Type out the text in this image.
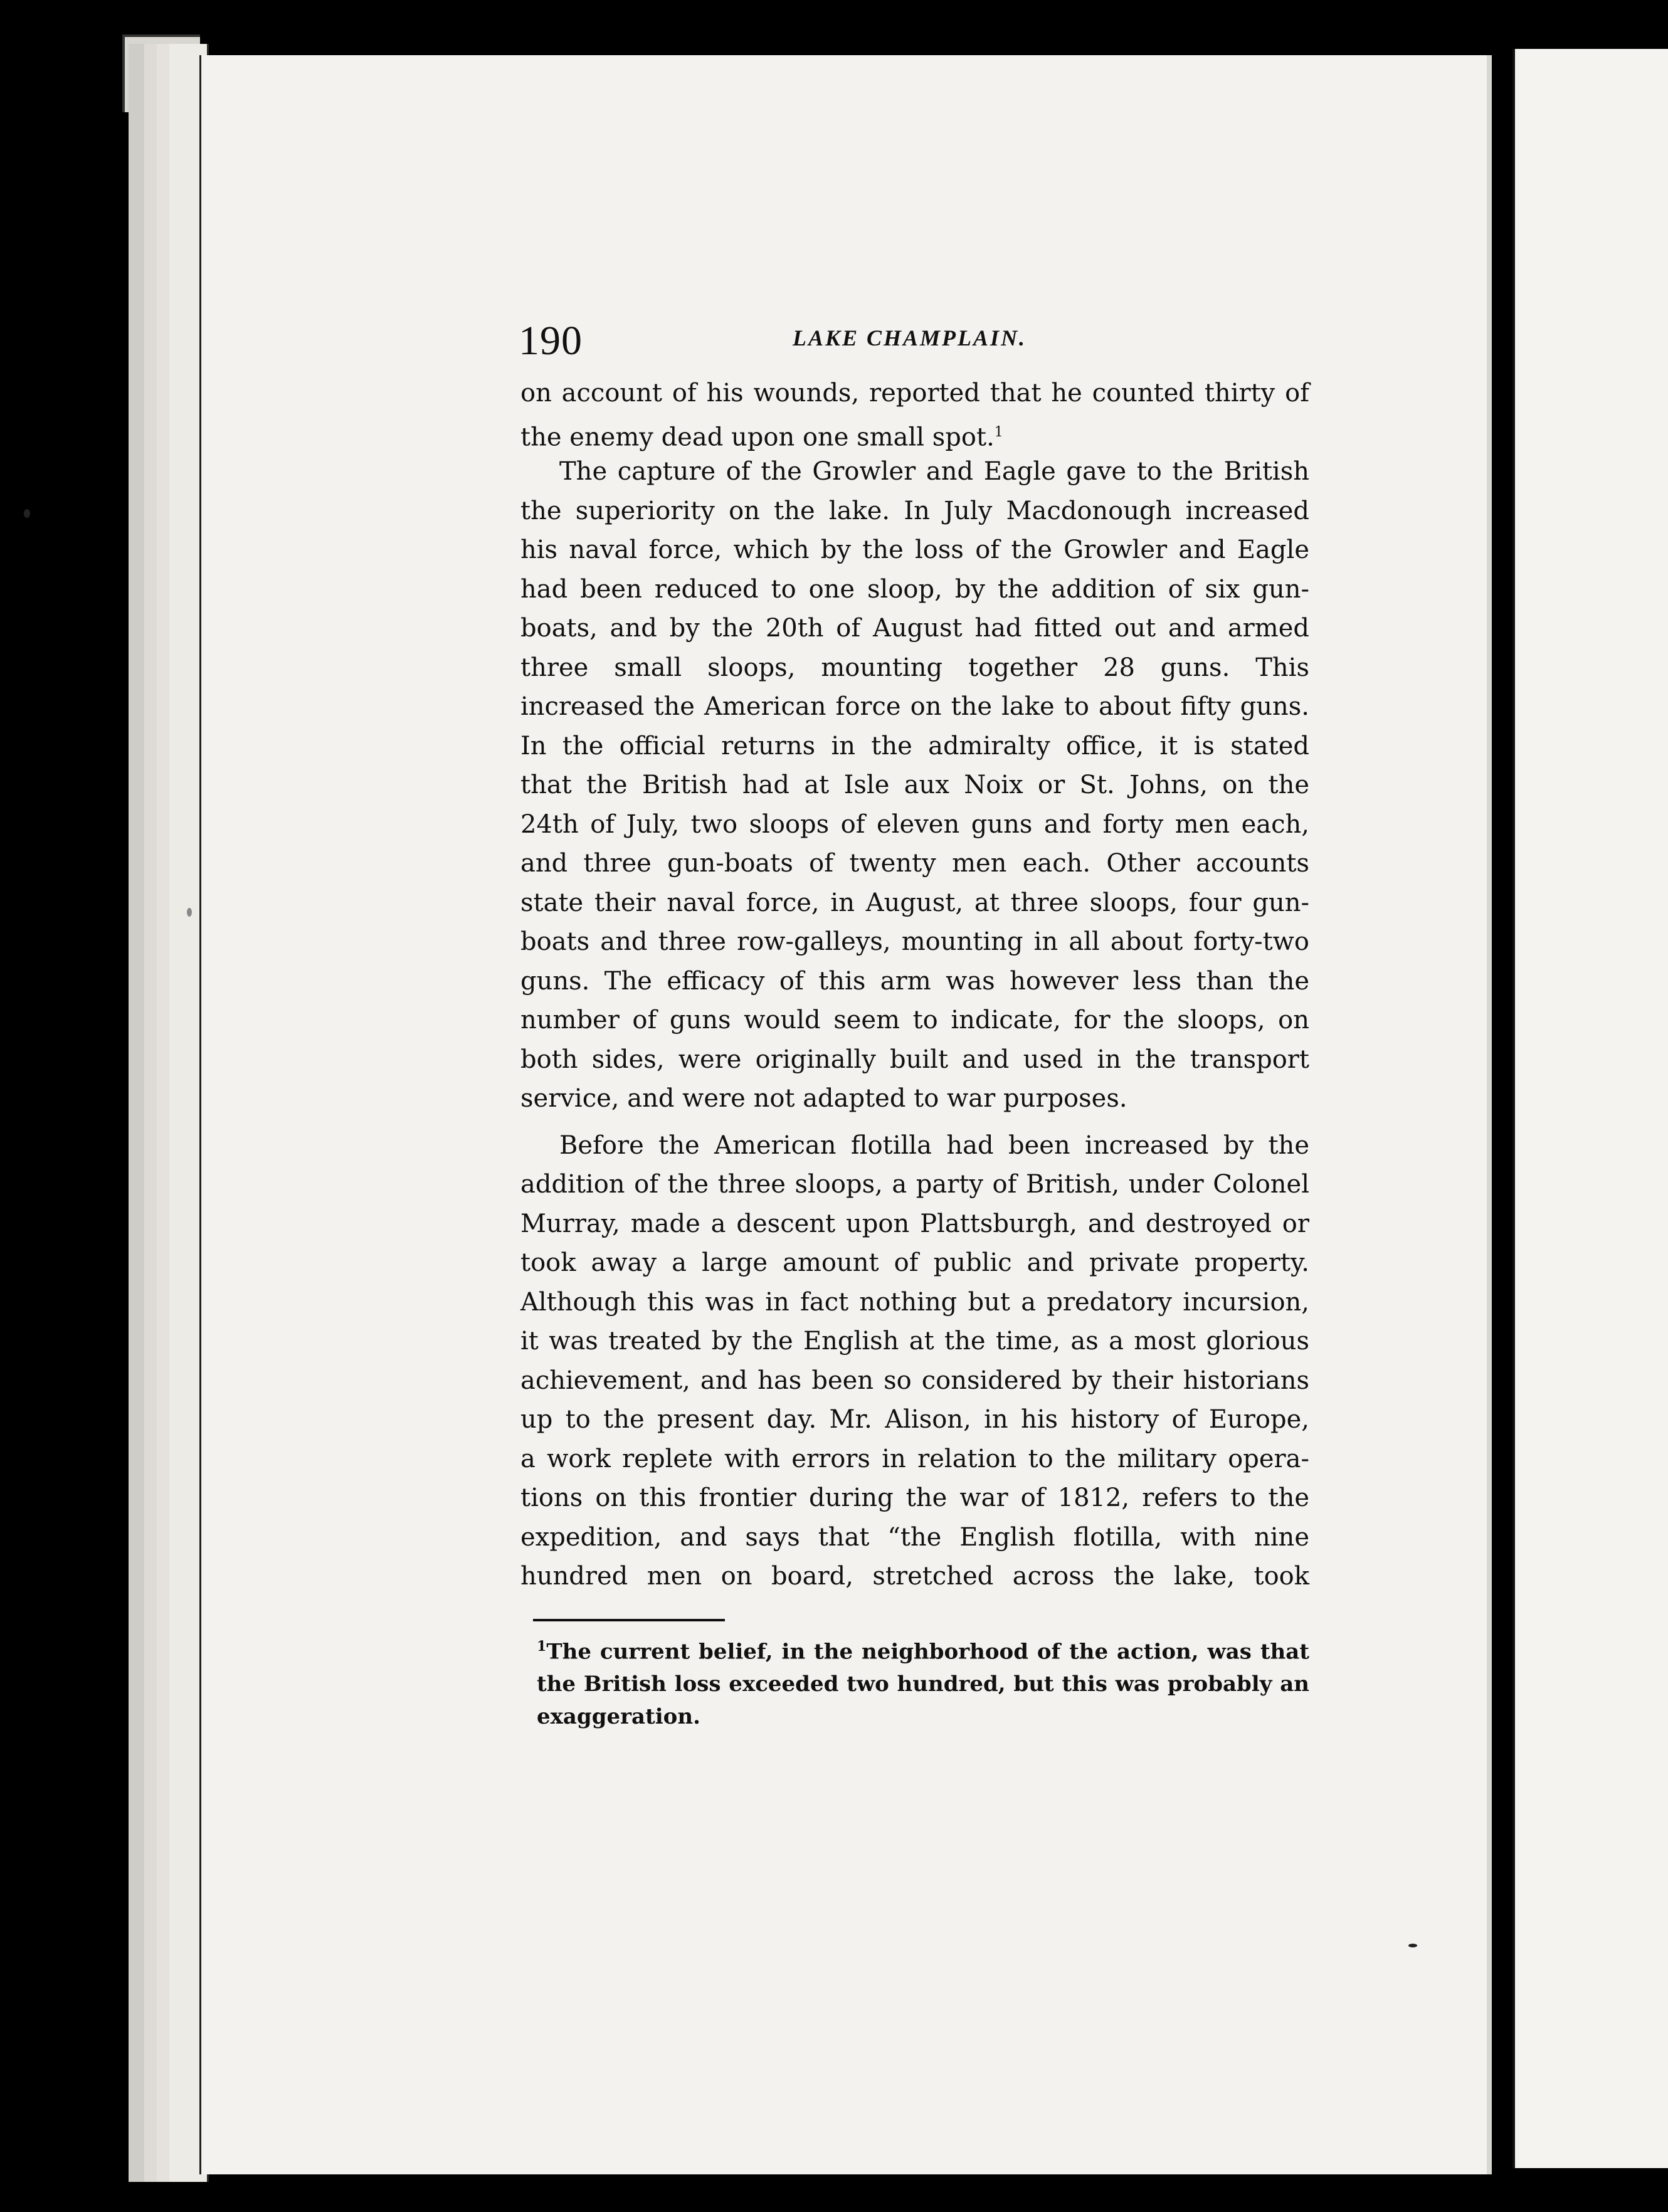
190	LAKE CHAMPLAIN.
on account of his wounds, reported that he counted thirty of
the enemy dead upon one small spot.$^1$
The capture of the Growler and Eagle gave to the British
the superiority on the lake. In July Macdonough increased
his naval force, which by the loss of the Growler and Eagle
had been reduced to one sloop, by the addition of six gun-
boats, and by the 20th of August had fitted out and armed
three small sloops, mounting together 28 guns. This
increased the American force on the lake to about fifty guns.
In the official returns in the admiralty office, it is stated
that the British had at Isle aux Noix or St. Johns, on the
24th of July, two sloops of eleven guns and forty men each,
and three gun-boats of twenty men each. Other accounts
state their naval force, in August, at three sloops, four gun-
boats and three row-galleys, mounting in all about forty-two
guns. The efficacy of this arm was however less than the
number of guns would seem to indicate, for the sloops, on
both sides, were originally built and used in the transport
service, and were not adapted to war purposes.
Before the American flotilla had been increased by the
addition of the three sloops, a party of British, under Colonel
Murray, made a descent upon Plattsburgh, and destroyed or
took away a large amount of public and private property.
Although this was in fact nothing but a predatory incursion,
it was treated by the English at the time, as a most glorious
achievement, and has been so considered by their historians
up to the present day. Mr. Alison, in his history of Europe,
a work replete with errors in relation to the military opera-
tions on this frontier during the war of 1812, refers to the
expedition, and says that “the English flotilla, with nine
hundred men on board, stretched across the lake, took
$^1$The current belief, in the neighborhood of the action, was that
the British loss exceeded two hundred, but this was probably an
exaggeration.
